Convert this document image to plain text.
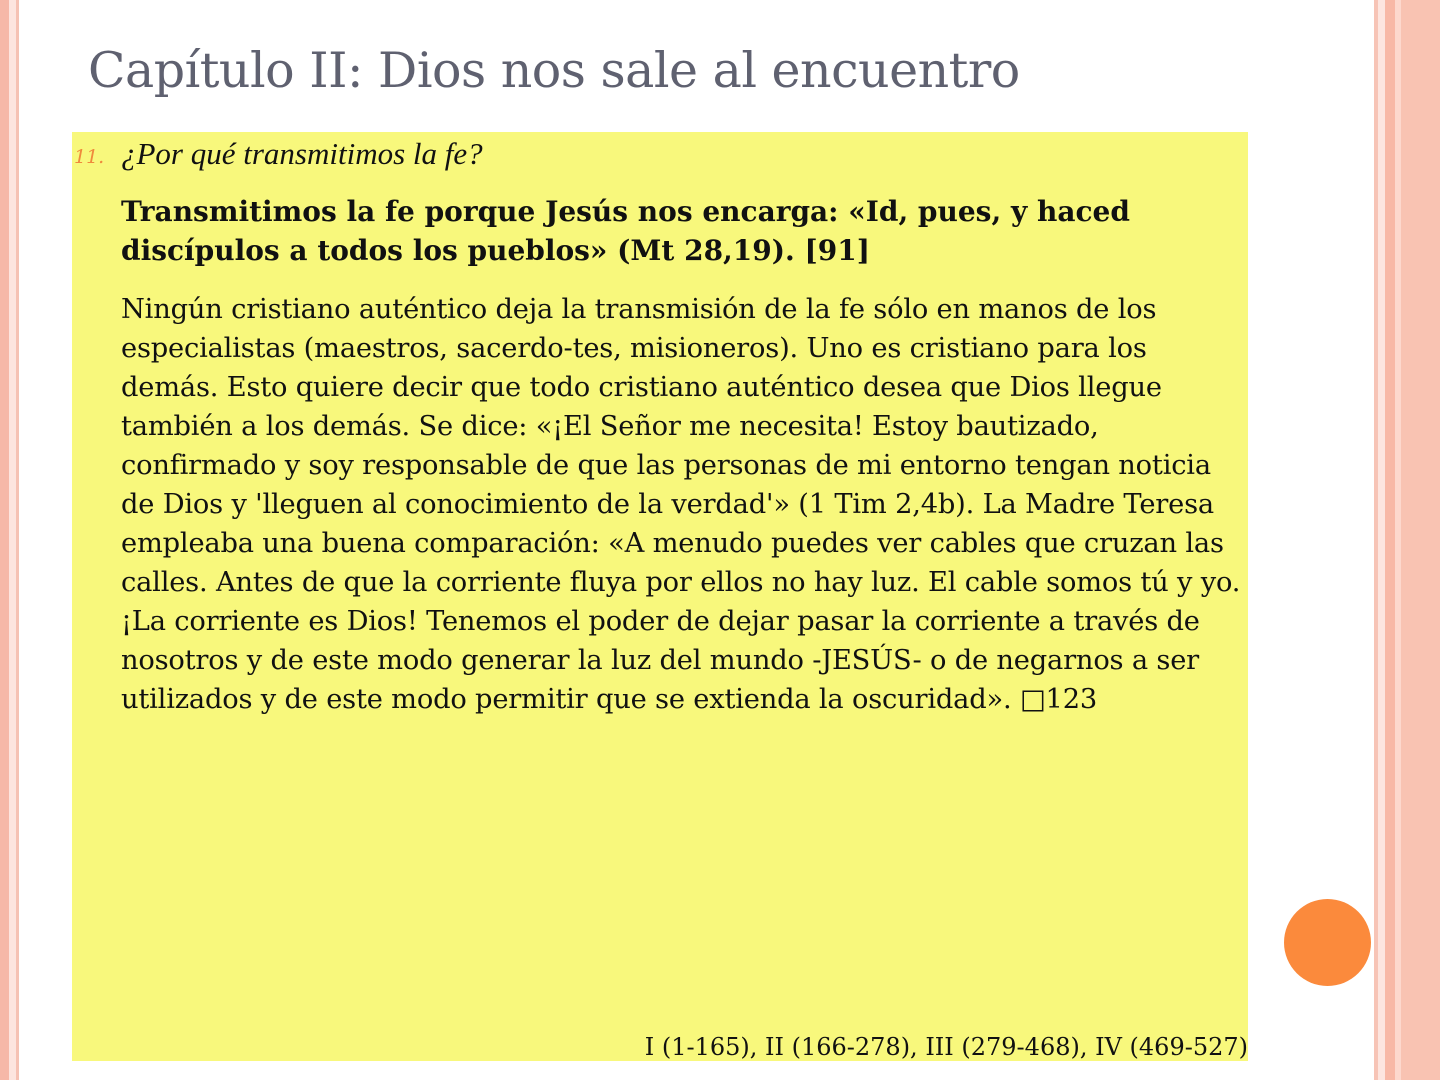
Capítulo II: Dios nos sale al encuentro
11. ¿Por qué transmitimos la fe?

Transmitimos la fe porque Jesús nos encarga: «Id, pues, y haced discípulos a todos los pueblos» (Mt 28,19). [91]

Ningún cristiano auténtico deja la transmisión de la fe sólo en manos de los especialistas (maestros, sacerdo-tes, misioneros). Uno es cristiano para los demás. Esto quiere decir que todo cristiano auténtico desea que Dios llegue también a los demás. Se dice: «¡El Señor me necesita! Estoy bautizado, confirmado y soy responsable de que las personas de mi entorno tengan noticia de Dios y 'lleguen al conocimiento de la verdad'» (1 Tim 2,4b). La Madre Teresa empleaba una buena comparación: «A menudo puedes ver cables que cruzan las calles. Antes de que la corriente fluya por ellos no hay luz. El cable somos tú y yo. ¡La corriente es Dios! Tenemos el poder de dejar pasar la corriente a través de nosotros y de este modo generar la luz del mundo -JESÚS- o de negarnos a ser utilizados y de este modo permitir que se extienda la oscuridad». □123

I (1-165), II (166-278), III (279-468), IV (469-527)
